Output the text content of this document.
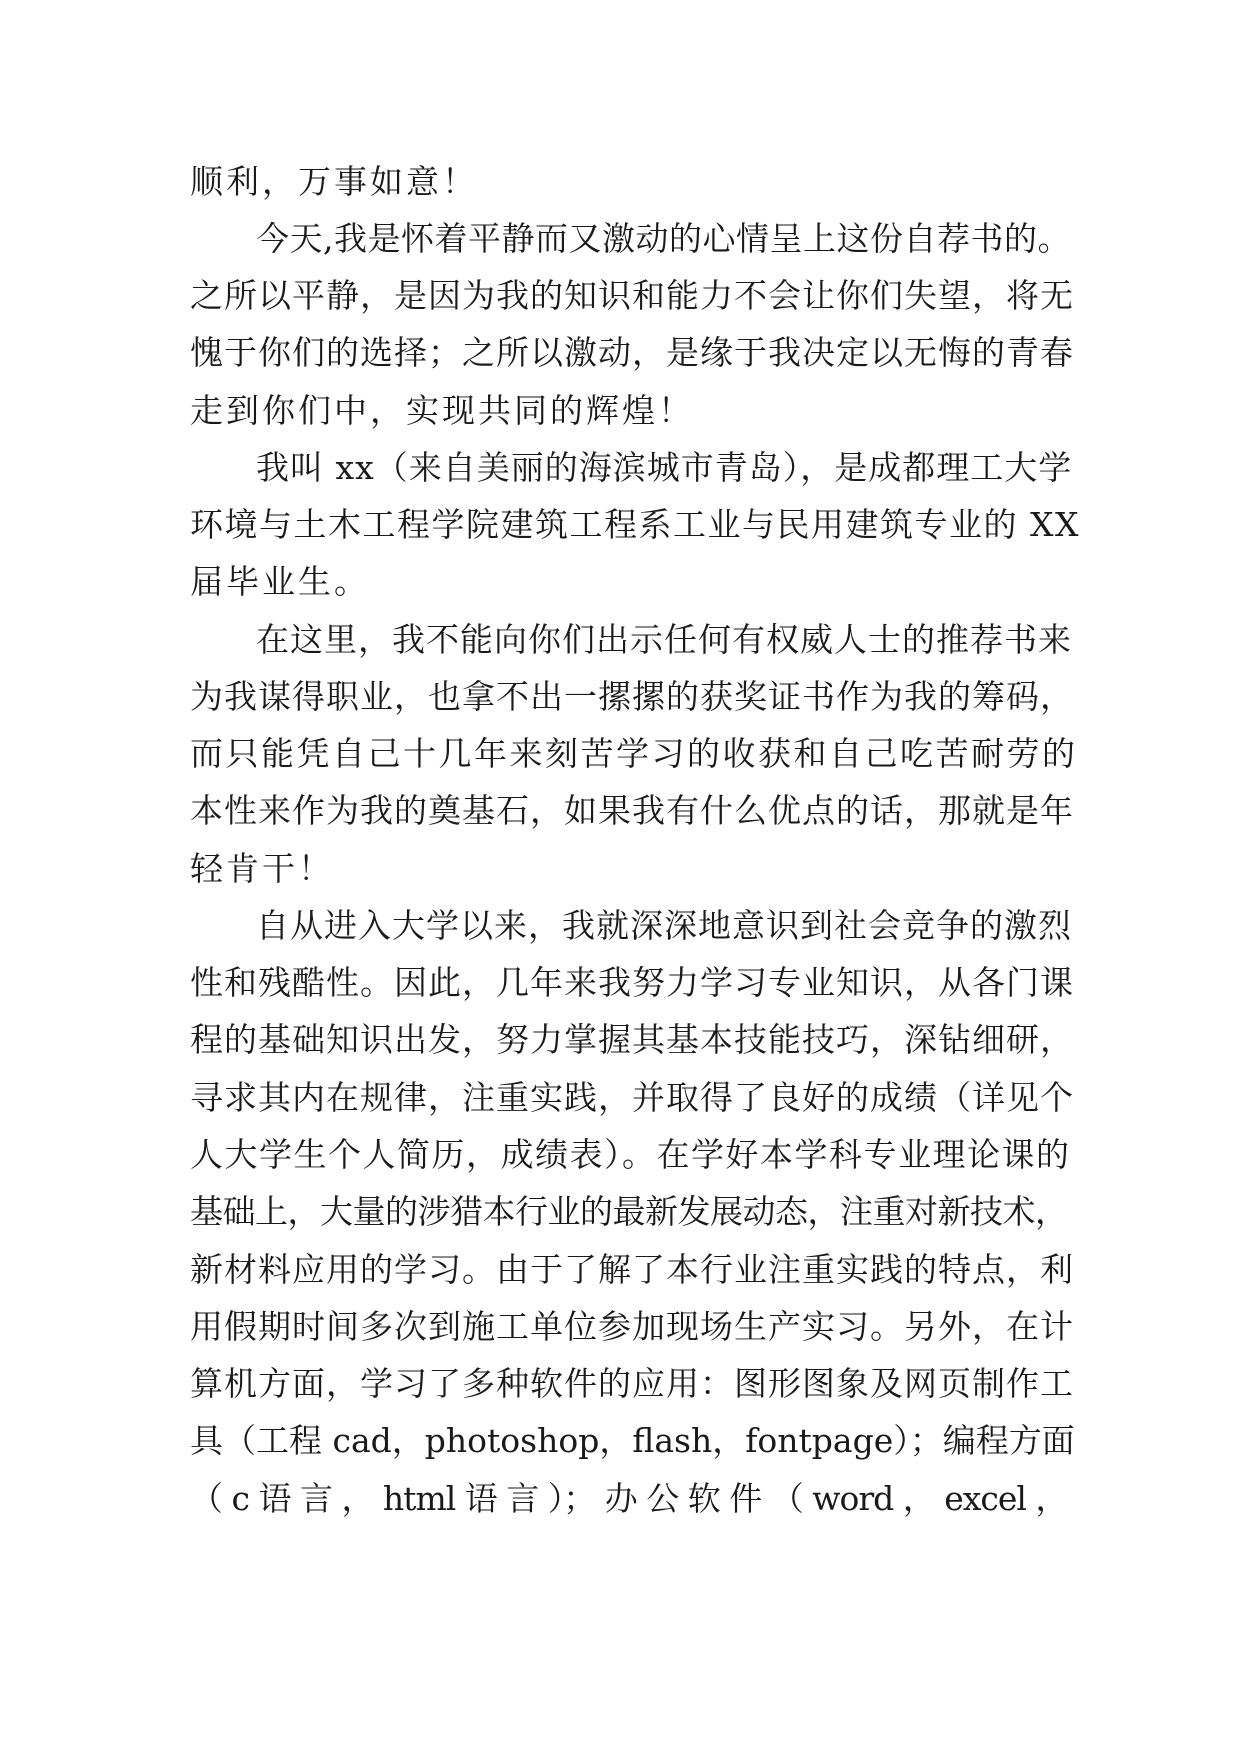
顺利，万事如意！
今天,我是怀着平静而又激动的心情呈上这份自荐书的。
之所以平静，是因为我的知识和能力不会让你们失望，将无
愧于你们的选择；之所以激动，是缘于我决定以无悔的青春
走到你们中，实现共同的辉煌！
我叫 xx（来自美丽的海滨城市青岛），是成都理工大学
环境与土木工程学院建筑工程系工业与民用建筑专业的 XX
届毕业生。
在这里，我不能向你们出示任何有权威人士的推荐书来
为我谋得职业，也拿不出一摞摞的获奖证书作为我的筹码，
而只能凭自己十几年来刻苦学习的收获和自己吃苦耐劳的
本性来作为我的奠基石，如果我有什么优点的话，那就是年
轻肯干！
自从进入大学以来，我就深深地意识到社会竞争的激烈
性和残酷性。因此，几年来我努力学习专业知识，从各门课
程的基础知识出发，努力掌握其基本技能技巧，深钻细研，
寻求其内在规律，注重实践，并取得了良好的成绩（详见个
人大学生个人简历，成绩表）。在学好本学科专业理论课的
基础上，大量的涉猎本行业的最新发展动态，注重对新技术，
新材料应用的学习。由于了解了本行业注重实践的特点，利
用假期时间多次到施工单位参加现场生产实习。另外，在计
算机方面，学习了多种软件的应用：图形图象及网页制作工
具（工程 cad，photoshop，flash，fontpage）；编程方面
（ c 语 言 ， html 语 言 ）； 办 公 软 件 （ word ， excel ，
